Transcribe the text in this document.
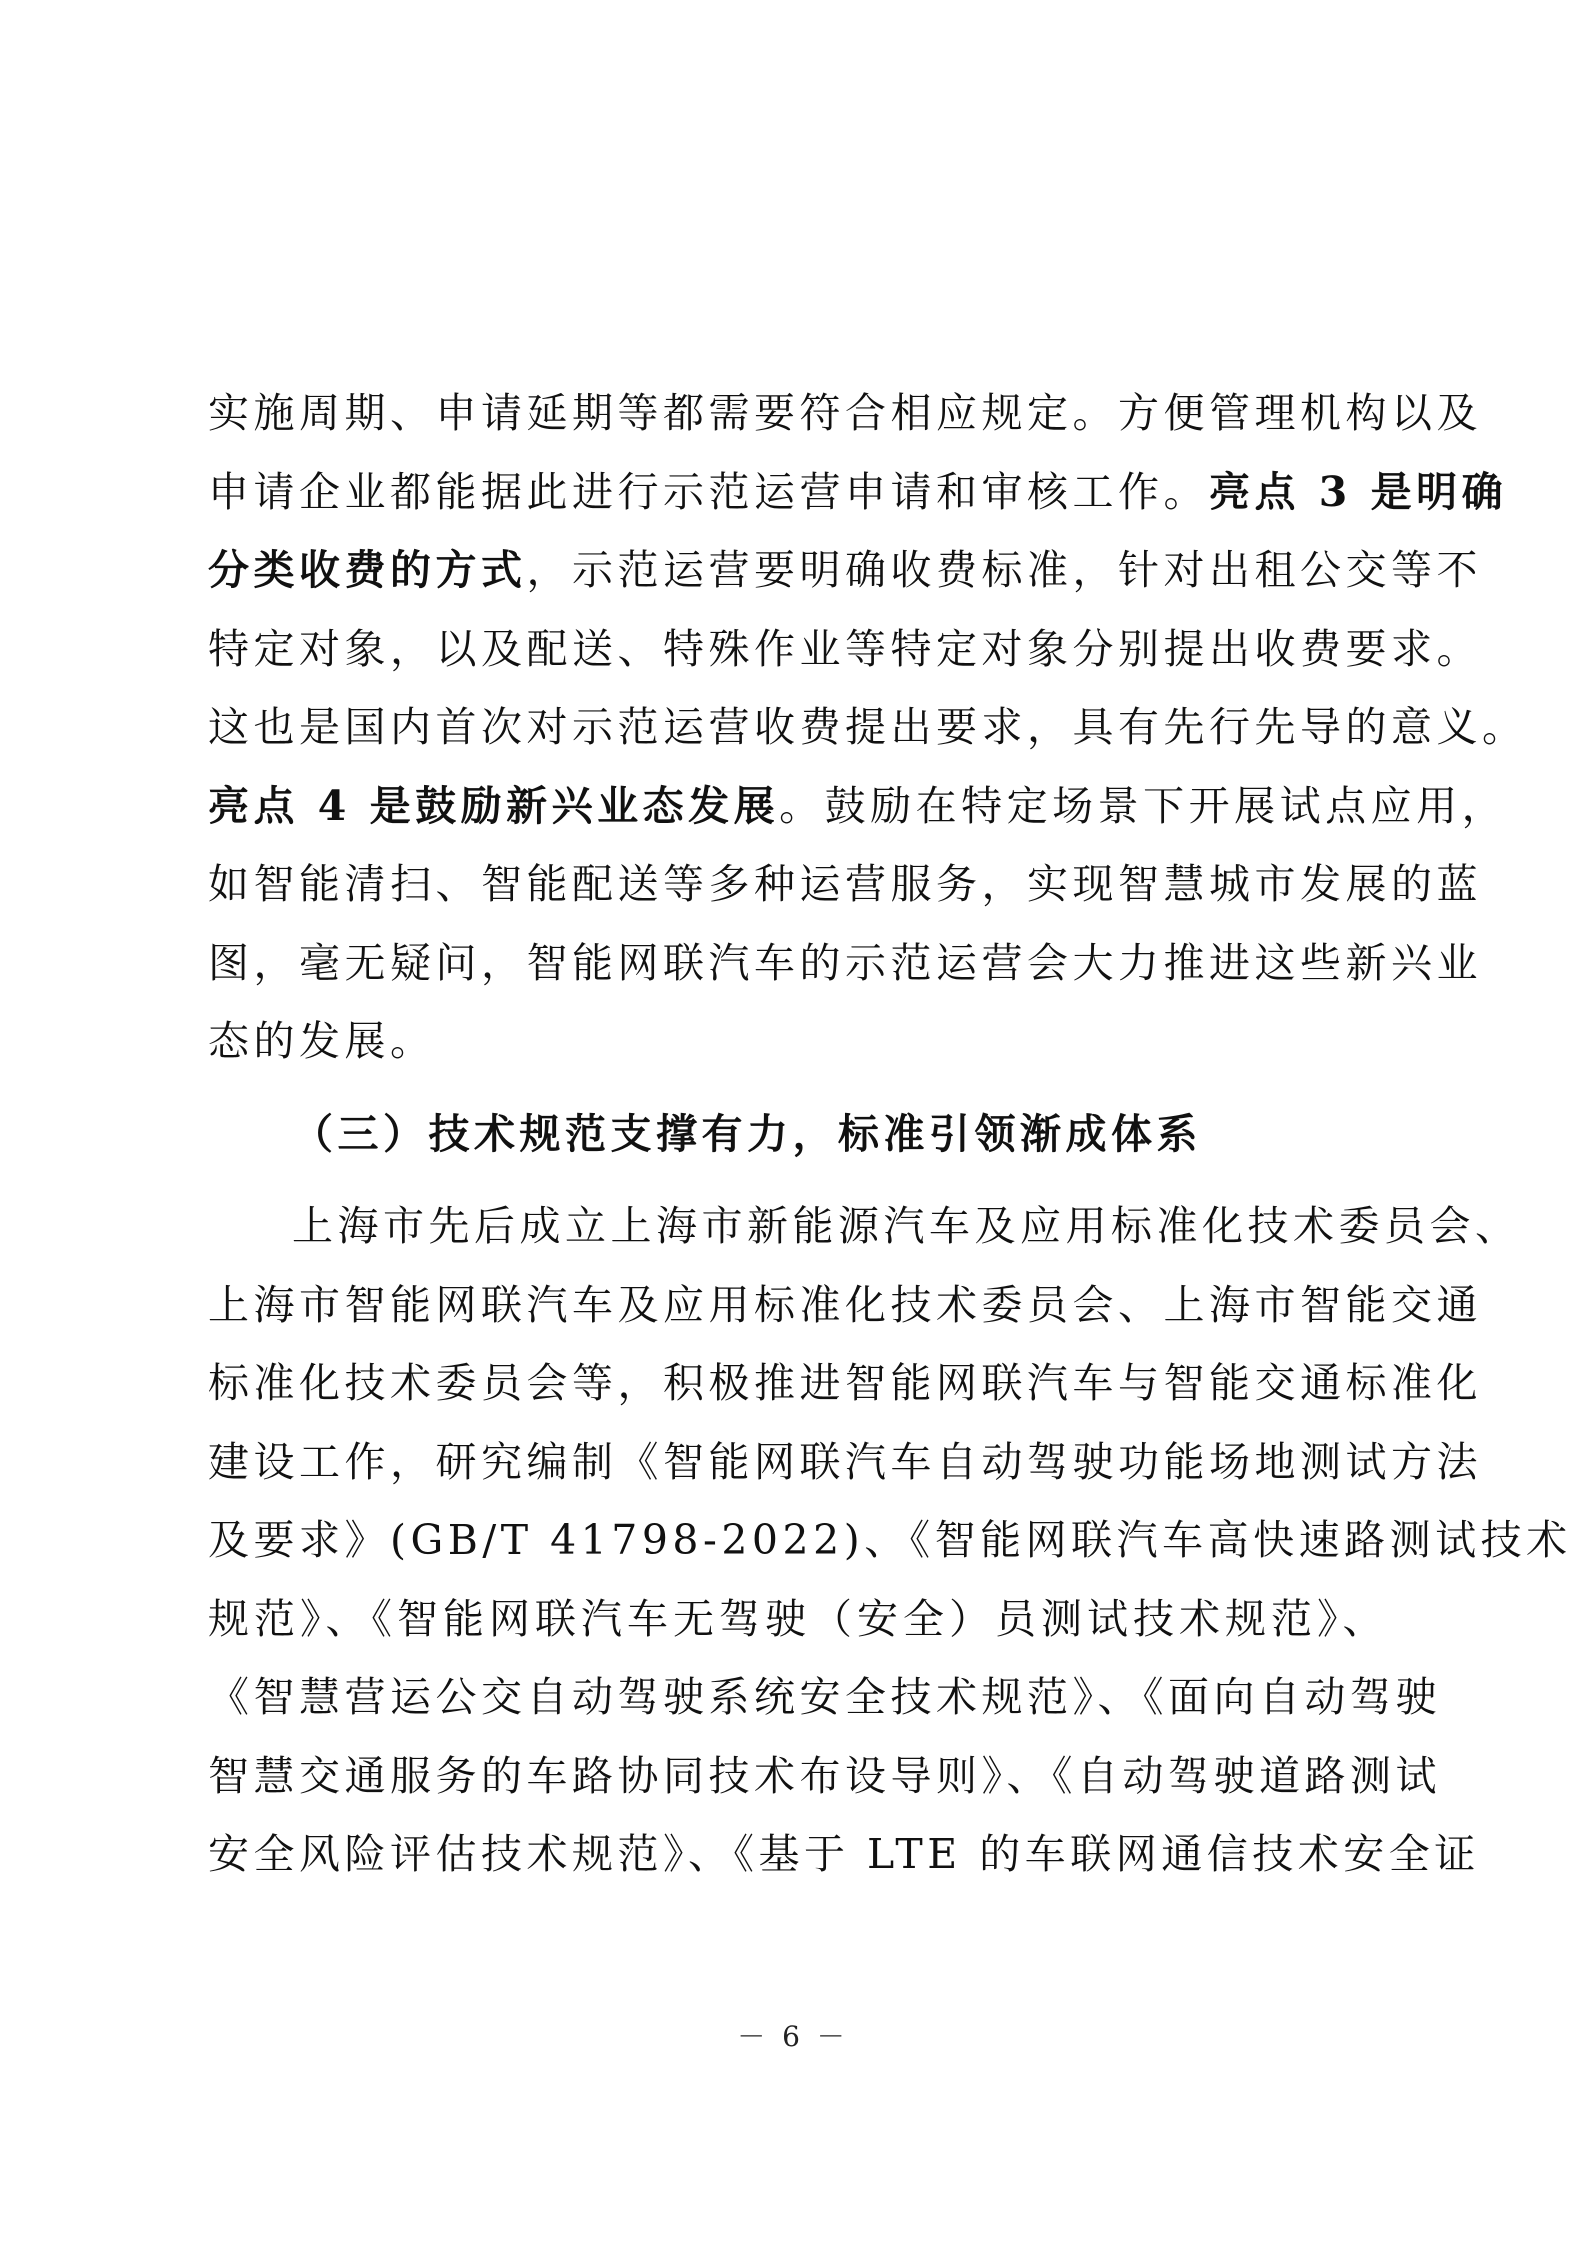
实施周期、申请延期等都需要符合相应规定。方便管理机构以及
申请企业都能据此进行示范运营申请和审核工作。亮点 3 是明确
分类收费的方式，示范运营要明确收费标准，针对出租公交等不
特定对象，以及配送、特殊作业等特定对象分别提出收费要求。
这也是国内首次对示范运营收费提出要求，具有先行先导的意义。
亮点 4 是鼓励新兴业态发展。鼓励在特定场景下开展试点应用，
如智能清扫、智能配送等多种运营服务，实现智慧城市发展的蓝
图，毫无疑问，智能网联汽车的示范运营会大力推进这些新兴业
态的发展。
（三）技术规范支撑有力，标准引领渐成体系
上海市先后成立上海市新能源汽车及应用标准化技术委员会、
上海市智能网联汽车及应用标准化技术委员会、上海市智能交通
标准化技术委员会等，积极推进智能网联汽车与智能交通标准化
建设工作，研究编制《智能网联汽车自动驾驶功能场地测试方法
及要求》(GB/T 41798-2022)、《智能网联汽车高快速路测试技术
规范》、《智能网联汽车无驾驶（安全）员测试技术规范》、
《智慧营运公交自动驾驶系统安全技术规范》、《面向自动驾驶
智慧交通服务的车路协同技术布设导则》、《自动驾驶道路测试
安全风险评估技术规范》、《基于 LTE 的车联网通信技术安全证
－ 6 －
